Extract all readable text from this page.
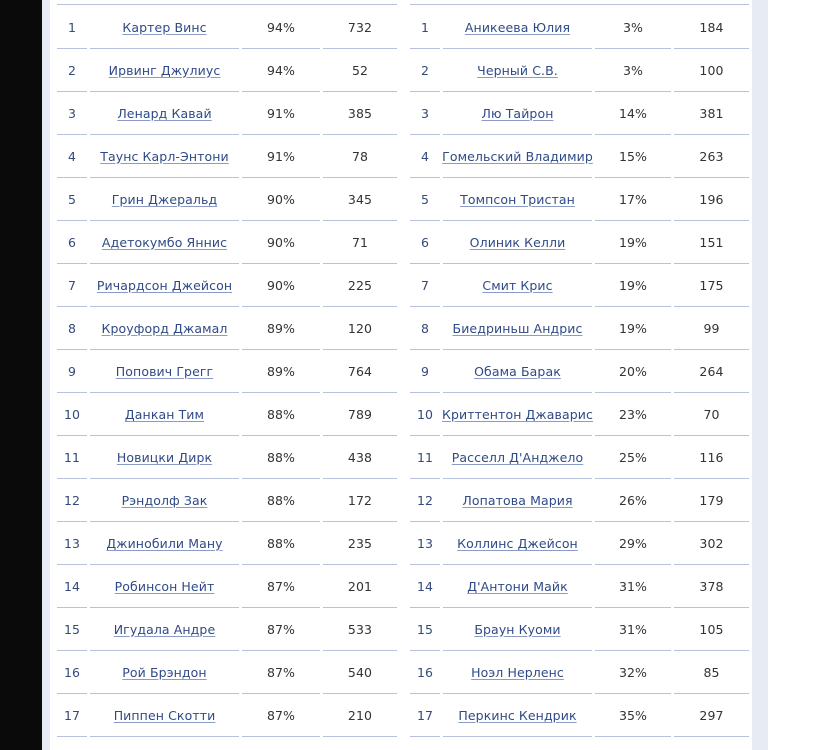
1	Картер Винс	94%	732
2	Ирвинг Джулиус	94%	52
3	Ленард Кавай	91%	385
4 Таунс Карл-Энтони	91%	78
5	Грин Джеральд	90%	345
6 Адетокумбо Яннис	90%	71
7 Ричардсон Джейсон	90%	225
8 Кроуфорд Джамал	89%	120
9	Попович Грегг	89%	764
10	Данкан Тим	88%	789
11	Новицки Дирк	88%	438
12	Рэндолф Зак	88%	172
13 Джинобили Ману	88%	235
14	Робинсон Нейт	87%	201
15	Игудала Андре	87%	533
16	Рой Брэндон	87%	540
17	Пиппен Скотти	87%	210
1	Аникеева Юлия	3%	184
2	Черный С.В.	3%	100
3	Лю Тайрон	14%	381
4 Гомельский Владимир 15%	263
5 Томпсон Тристан	17%	196
6	Олиник Келли	19%	151
7	Смит Крис	19%	175
8 Биедриньш Андрис	19%	99
9	Обама Барак	20%	264
10 Криттентон Джаварис 23%	70
11 Расселл Д'Анджело	25%	116
12 Лопатова Мария	26%	179
13 Коллинс Джейсон	29%	302
14	Д'Антони Майк	31%	378
15	Браун Куоми	31%	105
16	Ноэл Нерленс	32%	85
17 Перкинс Кендрик	35%	297
